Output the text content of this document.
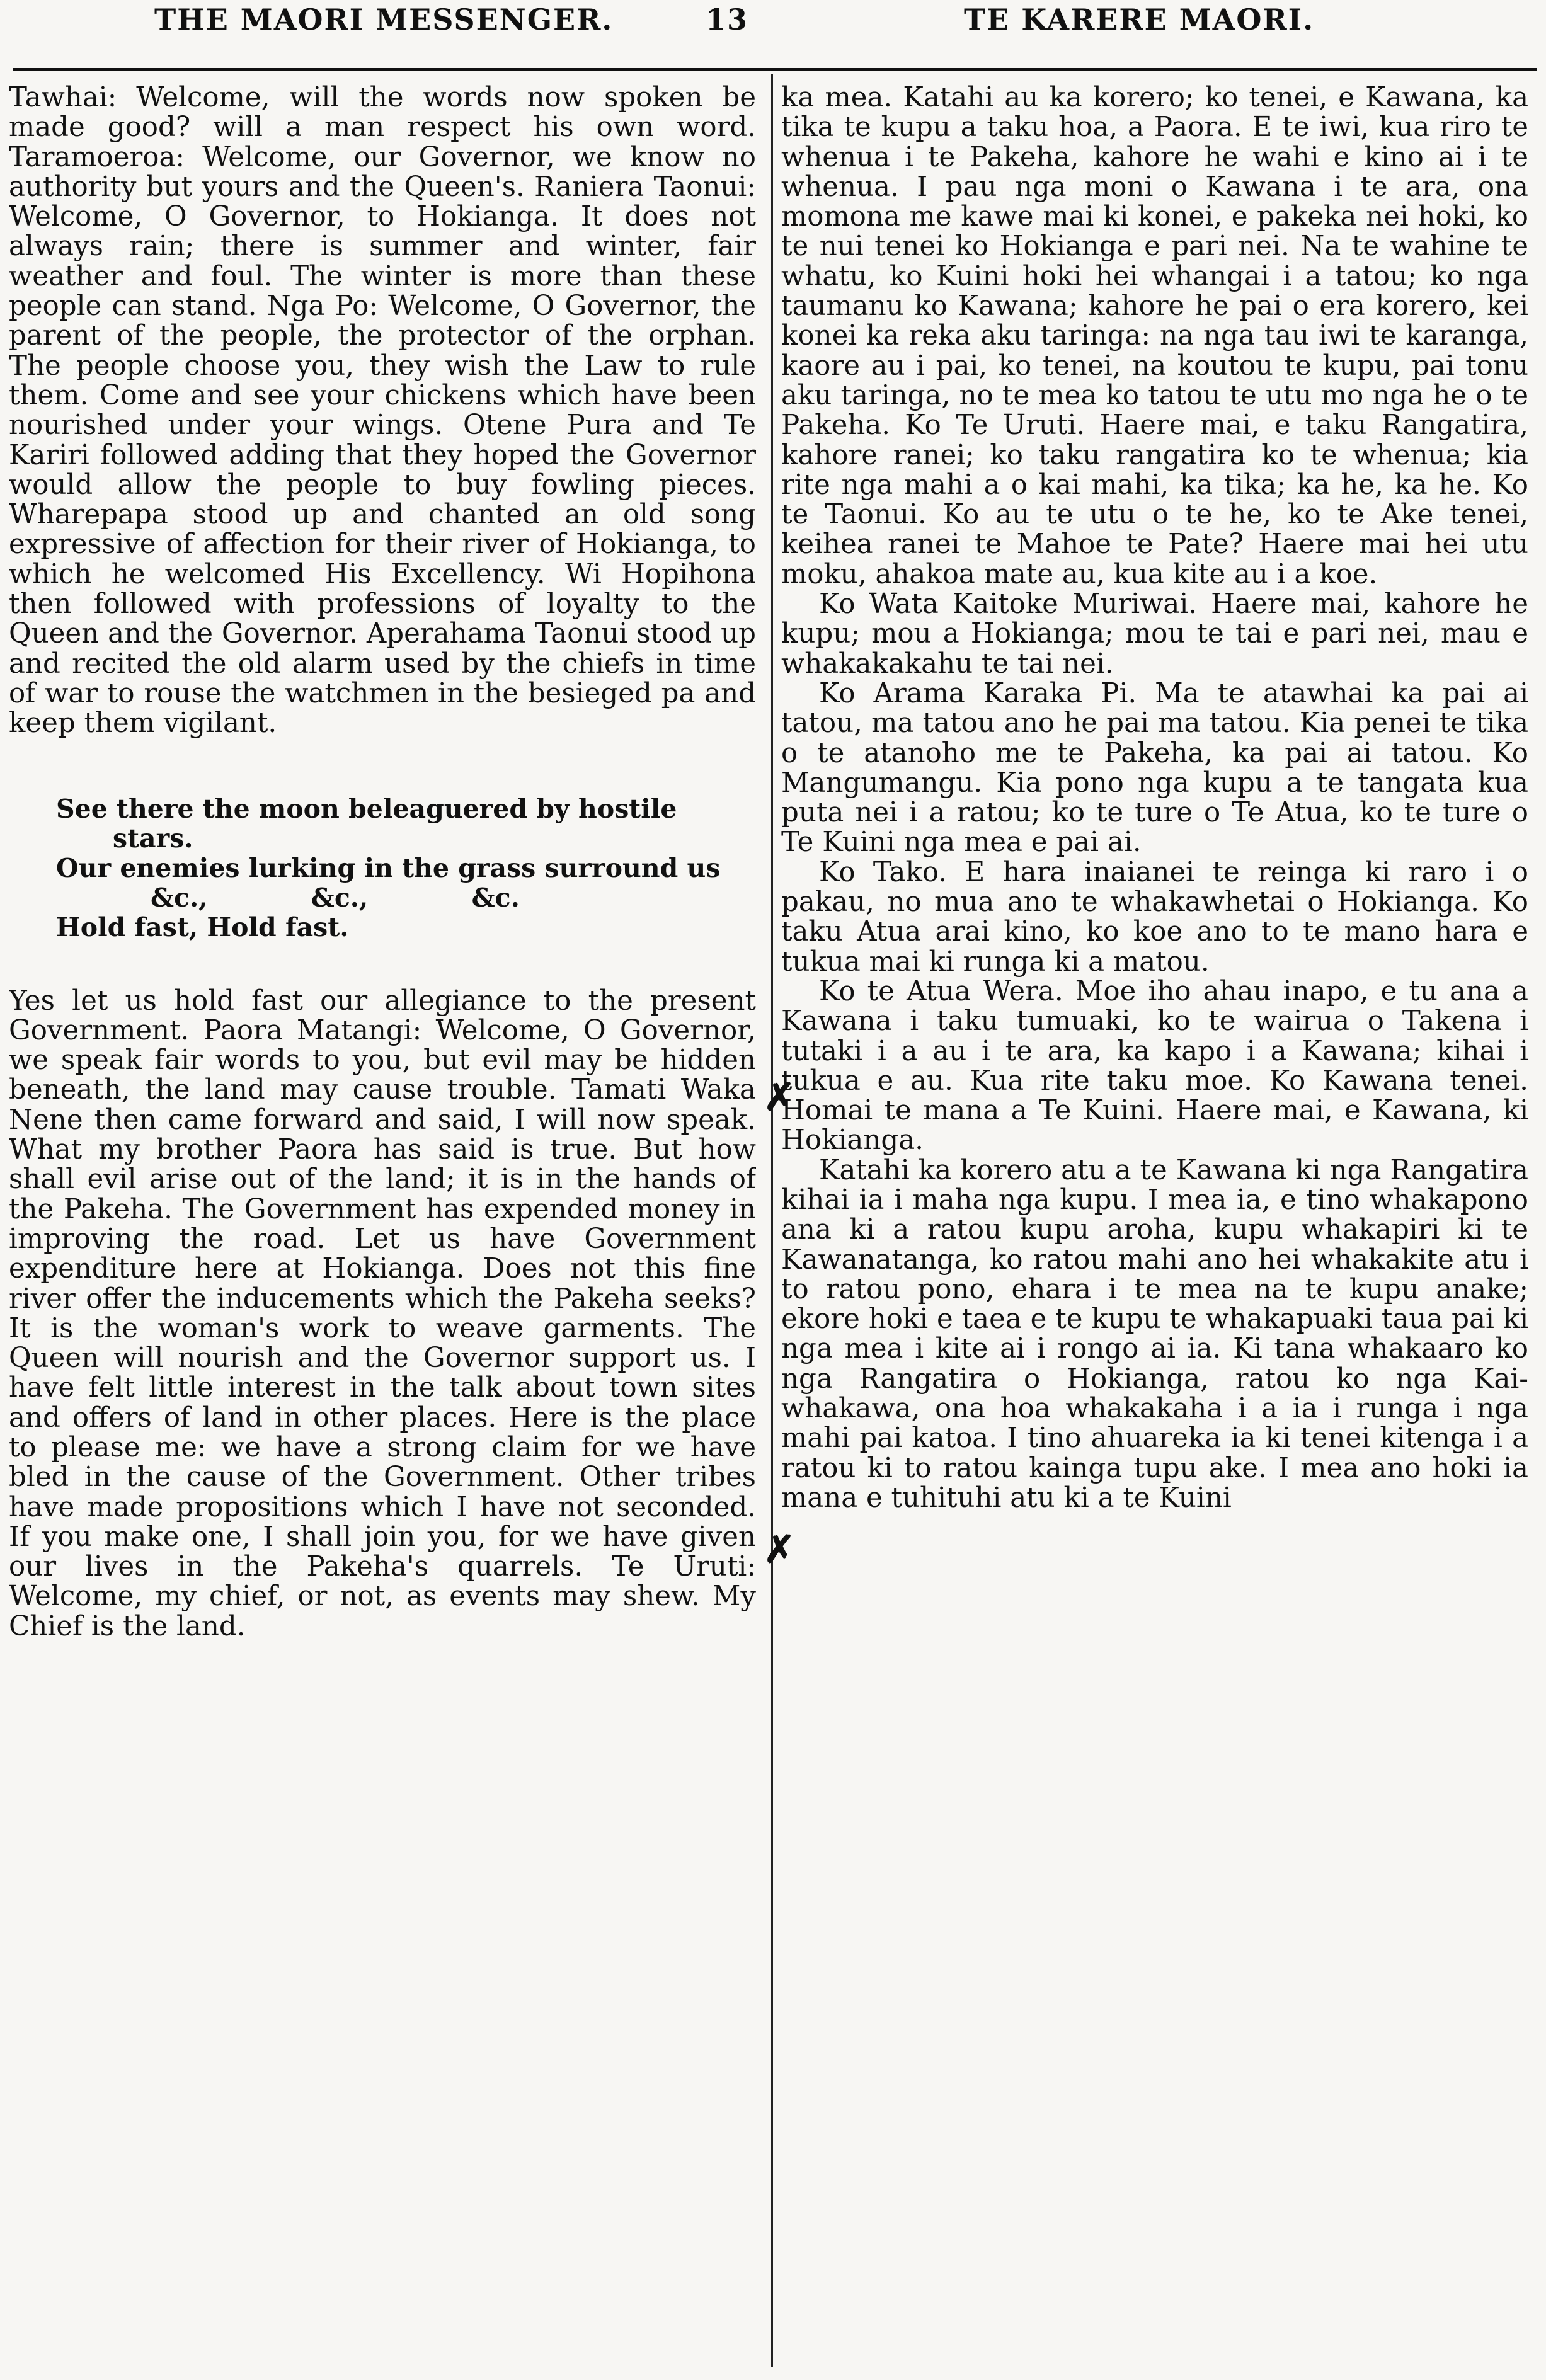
THE MAORI MESSENGER.	13	TE KARERE MAORI.

Tawhai: Welcome, will the words now spoken be made good? will a man respect his own word. Taramoeroa: Welcome, our Governor, we know no authority but yours and the Queen's. Raniera Taonui: Welcome, O Governor, to Hokianga. It does not always rain; there is summer and winter, fair weather and foul. The winter is more than these people can stand. Nga Po: Welcome, O Governor, the parent of the people, the protector of the orphan. The people choose you, they wish the Law to rule them. Come and see your chickens which have been nourished under your wings. Otene Pura and Te Kariri followed adding that they hoped the Governor would allow the people to buy fowling pieces. Wharepapa stood up and chanted an old song expressive of affection for their river of Hokianga, to which he welcomed His Excellency. Wi Hopihona then followed with professions of loyalty to the Queen and the Governor. Aperahama Taonui stood up and recited the old alarm used by the chiefs in time of war to rouse the watchmen in the besieged pa and keep them vigilant.

See there the moon beleaguered by hostile
stars.
Our enemies lurking in the grass surround us
&c., &c., &c.
Hold fast, Hold fast.

Yes let us hold fast our allegiance to the present Government. Paora Matangi: Welcome, O Governor, we speak fair words to you, but evil may be hidden beneath, the land may cause trouble. Tamati Waka Nene then came forward and said, I will now speak. What my brother Paora has said is true. But how shall evil arise out of the land; it is in the hands of the Pakeha. The Government has expended money in improving the road. Let us have Government expenditure here at Hokianga. Does not this fine river offer the inducements which the Pakeha seeks? It is the woman's work to weave garments. The Queen will nourish and the Governor support us. I have felt little interest in the talk about town sites and offers of land in other places. Here is the place to please me: we have a strong claim for we have bled in the cause of the Government. Other tribes have made propositions which I have not seconded. If you make one, I shall join you, for we have given our lives in the Pakeha's quarrels. Te Uruti: Welcome, my chief, or not, as events may shew. My Chief is the land.

ka mea. Katahi au ka korero; ko tenei, e Kawana, ka tika te kupu a taku hoa, a Paora. E te iwi, kua riro te whenua i te Pakeha, kahore he wahi e kino ai i te whenua. I pau nga moni o Kawana i te ara, ona momona me kawe mai ki konei, e pakeka nei hoki, ko te nui tenei ko Hokianga e pari nei. Na te wahine te whatu, ko Kuini hoki hei whangai i a tatou; ko nga taumanu ko Kawana; kahore he pai o era korero, kei konei ka reka aku taringa: na nga tau iwi te karanga, kaore au i pai, ko tenei, na koutou te kupu, pai tonu aku taringa, no te mea ko tatou te utu mo nga he o te Pakeha. Ko Te Uruti. Haere mai, e taku Rangatira, kahore ranei; ko taku rangatira ko te whenua; kia rite nga mahi a o kai mahi, ka tika; ka he, ka he. Ko te Taonui. Ko au te utu o te he, ko te Ake tenei, keihea ranei te Mahoe te Pate? Haere mai hei utu moku, ahakoa mate au, kua kite au i a koe.

Ko Wata Kaitoke Muriwai. Haere mai, kahore he kupu; mou a Hokianga; mou te tai e pari nei, mau e whakakakahu te tai nei.

Ko Arama Karaka Pi. Ma te atawhai ka pai ai tatou, ma tatou ano he pai ma tatou. Kia penei te tika o te atanoho me te Pakeha, ka pai ai tatou. Ko Mangumangu. Kia pono nga kupu a te tangata kua puta nei i a ratou; ko te ture o Te Atua, ko te ture o Te Kuini nga mea e pai ai.

Ko Tako. E hara inaianei te reinga ki raro i o pakau, no mua ano te whakawhetai o Hokianga. Ko taku Atua arai kino, ko koe ano to te mano hara e tukua mai ki runga ki a matou.

Ko te Atua Wera. Moe iho ahau inapo, e tu ana a Kawana i taku tumuaki, ko te wairua o Takena i tutaki i a au i te ara, ka kapo i a Kawana; kihai i tukua e au. Kua rite taku moe. Ko Kawana tenei. Homai te mana a Te Kuini. Haere mai, e Kawana, ki Hokianga.

Katahi ka korero atu a te Kawana ki nga Rangatira kihai ia i maha nga kupu. I mea ia, e tino whakapono ana ki a ratou kupu aroha, kupu whakapiri ki te Kawanatanga, ko ratou mahi ano hei whakakite atu i to ratou pono, ehara i te mea na te kupu anake; ekore hoki e taea e te kupu te whakapuaki taua pai ki nga mea i kite ai i rongo ai ia. Ki tana whakaaro ko nga Rangatira o Hokianga, ratou ko nga Kai-whakawa, ona hoa whakakaha i a ia i runga i nga mahi pai katoa. I tino ahuareka ia ki tenei kitenga i a ratou ki to ratou kainga tupu ake. I mea ano hoki ia mana e tuhituhi atu ki a te Kuini

✗
✗
